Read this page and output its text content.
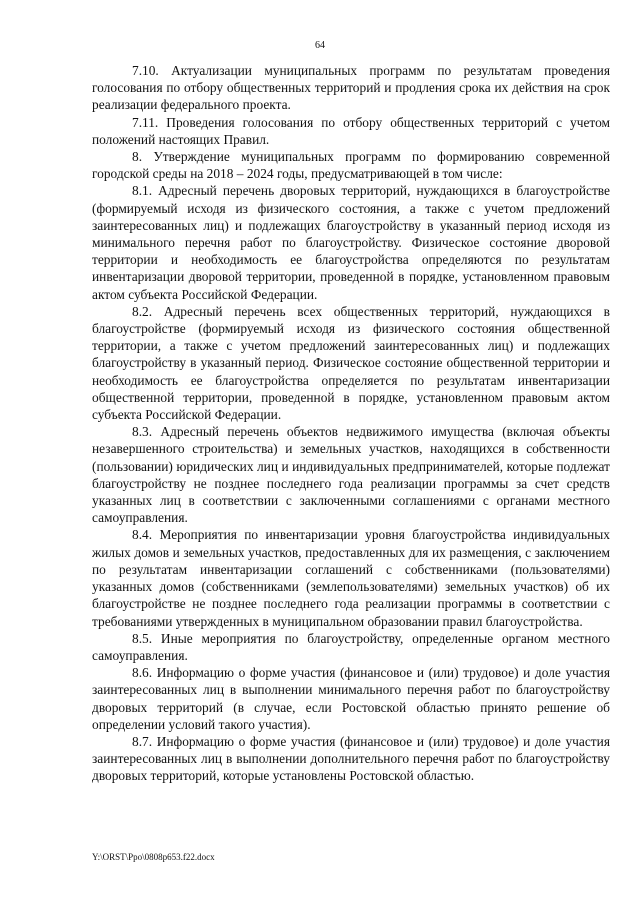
64

7.10. Актуализации муниципальных программ по результатам проведения голосования по отбору общественных территорий и продления срока их действия на срок реализации федерального проекта.

7.11. Проведения голосования по отбору общественных территорий с учетом положений настоящих Правил.

8. Утверждение муниципальных программ по формированию современной городской среды на 2018 – 2024 годы, предусматривающей в том числе:

8.1. Адресный перечень дворовых территорий, нуждающихся в благоустройстве (формируемый исходя из физического состояния, а также с учетом предложений заинтересованных лиц) и подлежащих благоустройству в указанный период исходя из минимального перечня работ по благоустройству. Физическое состояние дворовой территории и необходимость ее благоустройства определяются по результатам инвентаризации дворовой территории, проведенной в порядке, установленном правовым актом субъекта Российской Федерации.

8.2. Адресный перечень всех общественных территорий, нуждающихся в благоустройстве (формируемый исходя из физического состояния общественной территории, а также с учетом предложений заинтересованных лиц) и подлежащих благоустройству в указанный период. Физическое состояние общественной территории и необходимость ее благоустройства определяется по результатам инвентаризации общественной территории, проведенной в порядке, установленном правовым актом субъекта Российской Федерации.

8.3. Адресный перечень объектов недвижимого имущества (включая объекты незавершенного строительства) и земельных участков, находящихся в собственности (пользовании) юридических лиц и индивидуальных предпринимателей, которые подлежат благоустройству не позднее последнего года реализации программы за счет средств указанных лиц в соответствии с заключенными соглашениями с органами местного самоуправления.

8.4. Мероприятия по инвентаризации уровня благоустройства индивидуальных жилых домов и земельных участков, предоставленных для их размещения, с заключением по результатам инвентаризации соглашений с собственниками (пользователями) указанных домов (собственниками (землепользователями) земельных участков) об их благоустройстве не позднее последнего года реализации программы в соответствии с требованиями утвержденных в муниципальном образовании правил благоустройства.

8.5. Иные мероприятия по благоустройству, определенные органом местного самоуправления.

8.6. Информацию о форме участия (финансовое и (или) трудовое) и доле участия заинтересованных лиц в выполнении минимального перечня работ по благоустройству дворовых территорий (в случае, если Ростовской областью принято решение об определении условий такого участия).

8.7. Информацию о форме участия (финансовое и (или) трудовое) и доле участия заинтересованных лиц в выполнении дополнительного перечня работ по благоустройству дворовых территорий, которые установлены Ростовской областью.

Y:\ORST\Ppo\0808p653.f22.docx
